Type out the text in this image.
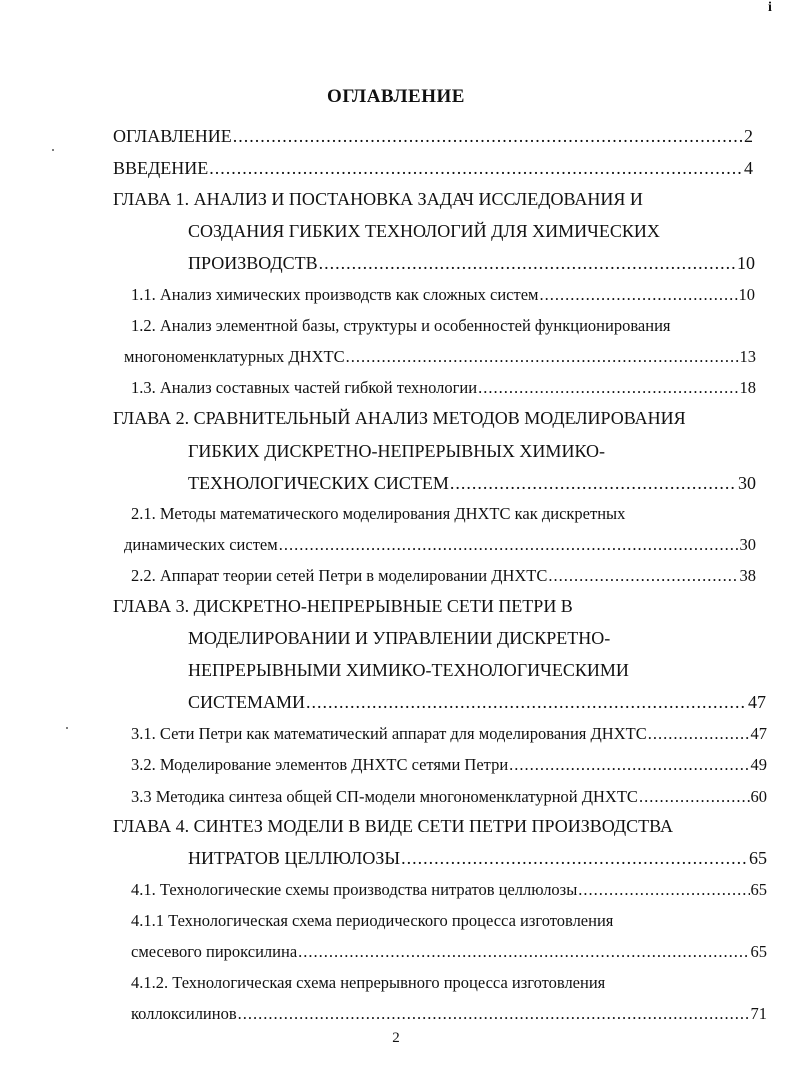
i
ОГЛАВЛЕНИЕ
ОГЛАВЛЕНИЕ .....	2
ВВЕДЕНИЕ .....	4
ГЛАВА 1. АНАЛИЗ И ПОСТАНОВКА ЗАДАЧ ИССЛЕДОВАНИЯ И
СОЗДАНИЯ ГИБКИХ ТЕХНОЛОГИЙ ДЛЯ ХИМИЧЕСКИХ
ПРОИЗВОДСТВ .....	10
1.1. Анализ химических производств как сложных систем .....	10
1.2. Анализ элементной базы, структуры и особенностей функционирования
многономенклатурных ДНХТС .....	13
1.3. Анализ составных частей гибкой технологии .....	18
ГЛАВА 2. СРАВНИТЕЛЬНЫЙ АНАЛИЗ МЕТОДОВ МОДЕЛИРОВАНИЯ
ГИБКИХ ДИСКРЕТНО-НЕПРЕРЫВНЫХ ХИМИКО-
ТЕХНОЛОГИЧЕСКИХ СИСТЕМ .....	30
2.1. Методы математического моделирования ДНХТС как дискретных
динамических систем .....	30
2.2. Аппарат теории сетей Петри в моделировании ДНХТС .....	38
ГЛАВА 3. ДИСКРЕТНО-НЕПРЕРЫВНЫЕ СЕТИ ПЕТРИ В
МОДЕЛИРОВАНИИ И УПРАВЛЕНИИ ДИСКРЕТНО-
НЕПРЕРЫВНЫМИ ХИМИКО-ТЕХНОЛОГИЧЕСКИМИ
СИСТЕМАМИ .....	47
3.1. Сети Петри как математический аппарат для моделирования ДНХТС .....	47
3.2. Моделирование элементов ДНХТС сетями Петри .....	49
3.3 Методика синтеза общей СП-модели многономенклатурной ДНХТС .....	60
ГЛАВА 4. СИНТЕЗ МОДЕЛИ В ВИДЕ СЕТИ ПЕТРИ ПРОИЗВОДСТВА
НИТРАТОВ ЦЕЛЛЮЛОЗЫ .....	65
4.1. Технологические схемы производства нитратов целлюлозы .....	65
4.1.1 Технологическая схема периодического процесса изготовления
смесевого пироксилина .....	65
4.1.2. Технологическая схема непрерывного процесса изготовления
коллоксилинов .....	71
2
